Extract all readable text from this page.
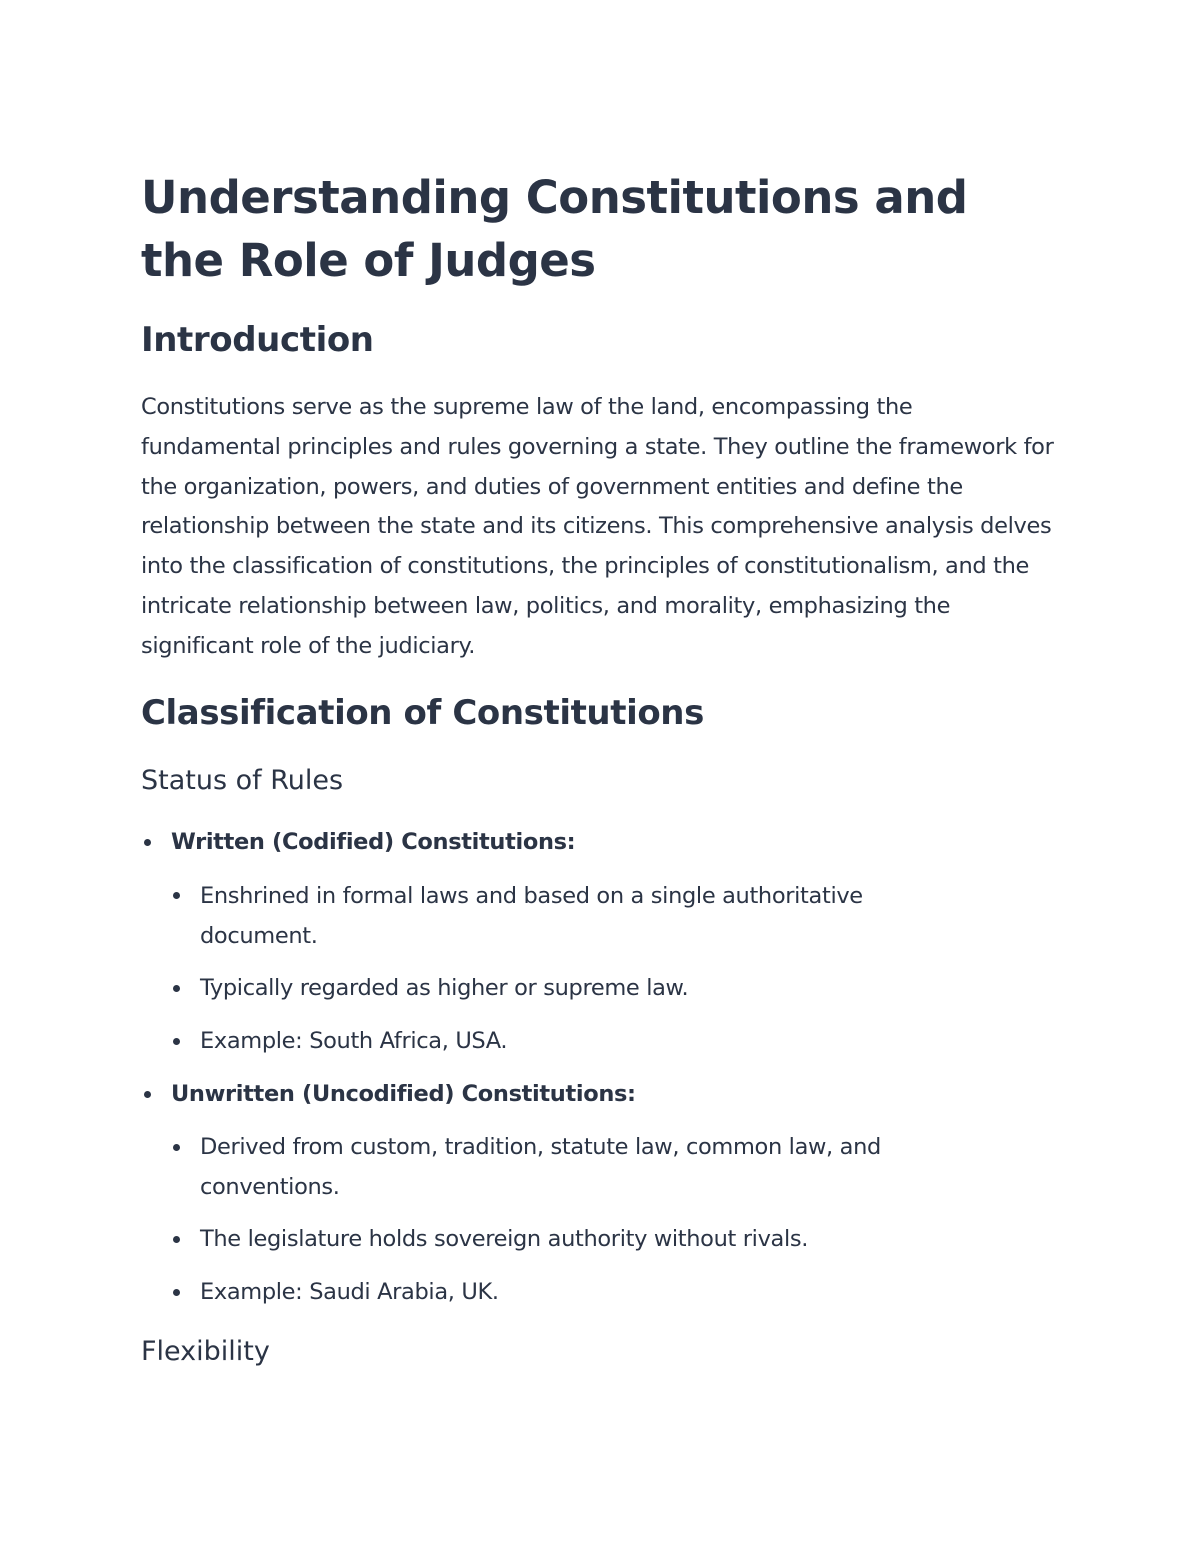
Understanding Constitutions and the Role of Judges
Introduction

Constitutions serve as the supreme law of the land, encompassing the fundamental principles and rules governing a state. They outline the framework for the organization, powers, and duties of government entities and define the relationship between the state and its citizens. This comprehensive analysis delves into the classification of constitutions, the principles of constitutionalism, and the intricate relationship between law, politics, and morality, emphasizing the significant role of the judiciary.

Classification of Constitutions
Status of Rules

Written (Codified) Constitutions:

Enshrined in formal laws and based on a single authoritative document.

Typically regarded as higher or supreme law.

Example: South Africa, USA.

Unwritten (Uncodified) Constitutions:

Derived from custom, tradition, statute law, common law, and conventions.

The legislature holds sovereign authority without rivals.

Example: Saudi Arabia, UK.

Flexibility
